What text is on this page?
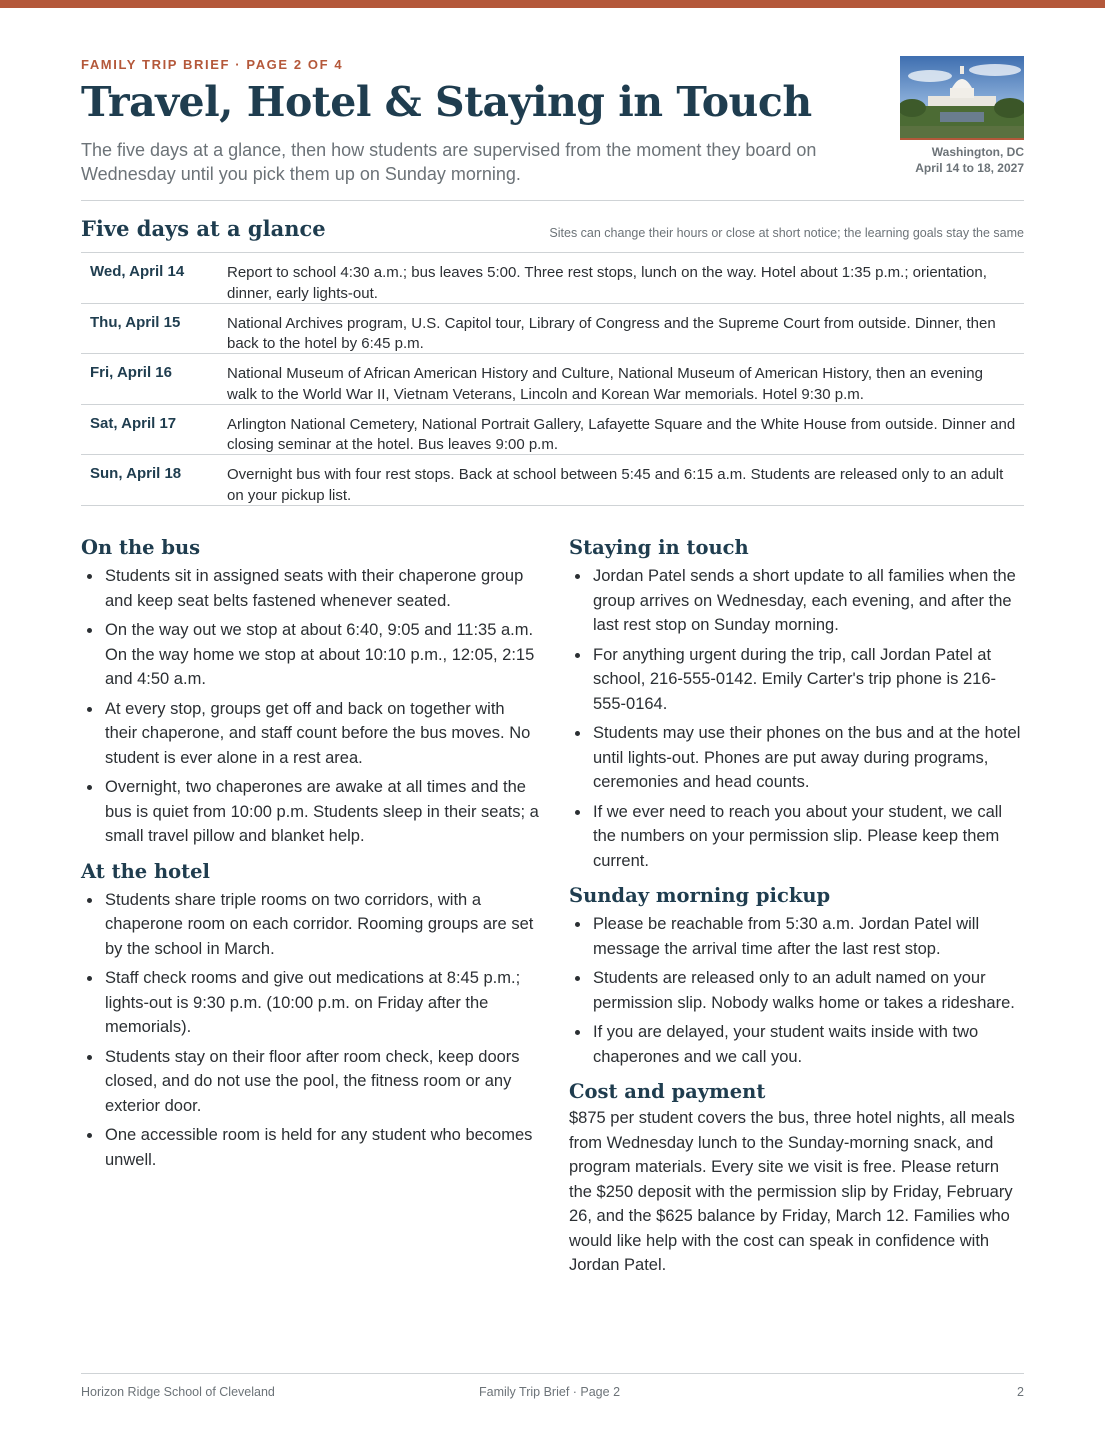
FAMILY TRIP BRIEF · PAGE 2 OF 4
Travel, Hotel & Staying in Touch
The five days at a glance, then how students are supervised from the moment they board on Wednesday until you pick them up on Sunday morning.
Washington, DC
April 14 to 18, 2027
Five days at a glance	Sites can change their hours or close at short notice; the learning goals stay the same
Wed, April 14	Report to school 4:30 a.m.; bus leaves 5:00. Three rest stops, lunch on the way. Hotel about 1:35 p.m.; orientation, dinner, early lights-out.
Thu, April 15	National Archives program, U.S. Capitol tour, Library of Congress and the Supreme Court from outside. Dinner, then back to the hotel by 6:45 p.m.
Fri, April 16	National Museum of African American History and Culture, National Museum of American History, then an evening walk to the World War II, Vietnam Veterans, Lincoln and Korean War memorials. Hotel 9:30 p.m.
Sat, April 17	Arlington National Cemetery, National Portrait Gallery, Lafayette Square and the White House from outside. Dinner and closing seminar at the hotel. Bus leaves 9:00 p.m.
Sun, April 18	Overnight bus with four rest stops. Back at school between 5:45 and 6:15 a.m. Students are released only to an adult on your pickup list.
On the bus
Students sit in assigned seats with their chaperone group and keep seat belts fastened whenever seated.
On the way out we stop at about 6:40, 9:05 and 11:35 a.m. On the way home we stop at about 10:10 p.m., 12:05, 2:15 and 4:50 a.m.
At every stop, groups get off and back on together with their chaperone, and staff count before the bus moves. No student is ever alone in a rest area.
Overnight, two chaperones are awake at all times and the bus is quiet from 10:00 p.m. Students sleep in their seats; a small travel pillow and blanket help.
At the hotel
Students share triple rooms on two corridors, with a chaperone room on each corridor. Rooming groups are set by the school in March.
Staff check rooms and give out medications at 8:45 p.m.; lights-out is 9:30 p.m. (10:00 p.m. on Friday after the memorials).
Students stay on their floor after room check, keep doors closed, and do not use the pool, the fitness room or any exterior door.
One accessible room is held for any student who becomes unwell.
Staying in touch
Jordan Patel sends a short update to all families when the group arrives on Wednesday, each evening, and after the last rest stop on Sunday morning.
For anything urgent during the trip, call Jordan Patel at school, 216-555-0142. Emily Carter's trip phone is 216-555-0164.
Students may use their phones on the bus and at the hotel until lights-out. Phones are put away during programs, ceremonies and head counts.
If we ever need to reach you about your student, we call the numbers on your permission slip. Please keep them current.
Sunday morning pickup
Please be reachable from 5:30 a.m. Jordan Patel will message the arrival time after the last rest stop.
Students are released only to an adult named on your permission slip. Nobody walks home or takes a rideshare.
If you are delayed, your student waits inside with two chaperones and we call you.
Cost and payment

$875 per student covers the bus, three hotel nights, all meals from Wednesday lunch to the Sunday-morning snack, and program materials. Every site we visit is free. Please return the $250 deposit with the permission slip by Friday, February 26, and the $625 balance by Friday, March 12. Families who would like help with the cost can speak in confidence with Jordan Patel.

Horizon Ridge School of Cleveland	Family Trip Brief · Page 2	2
